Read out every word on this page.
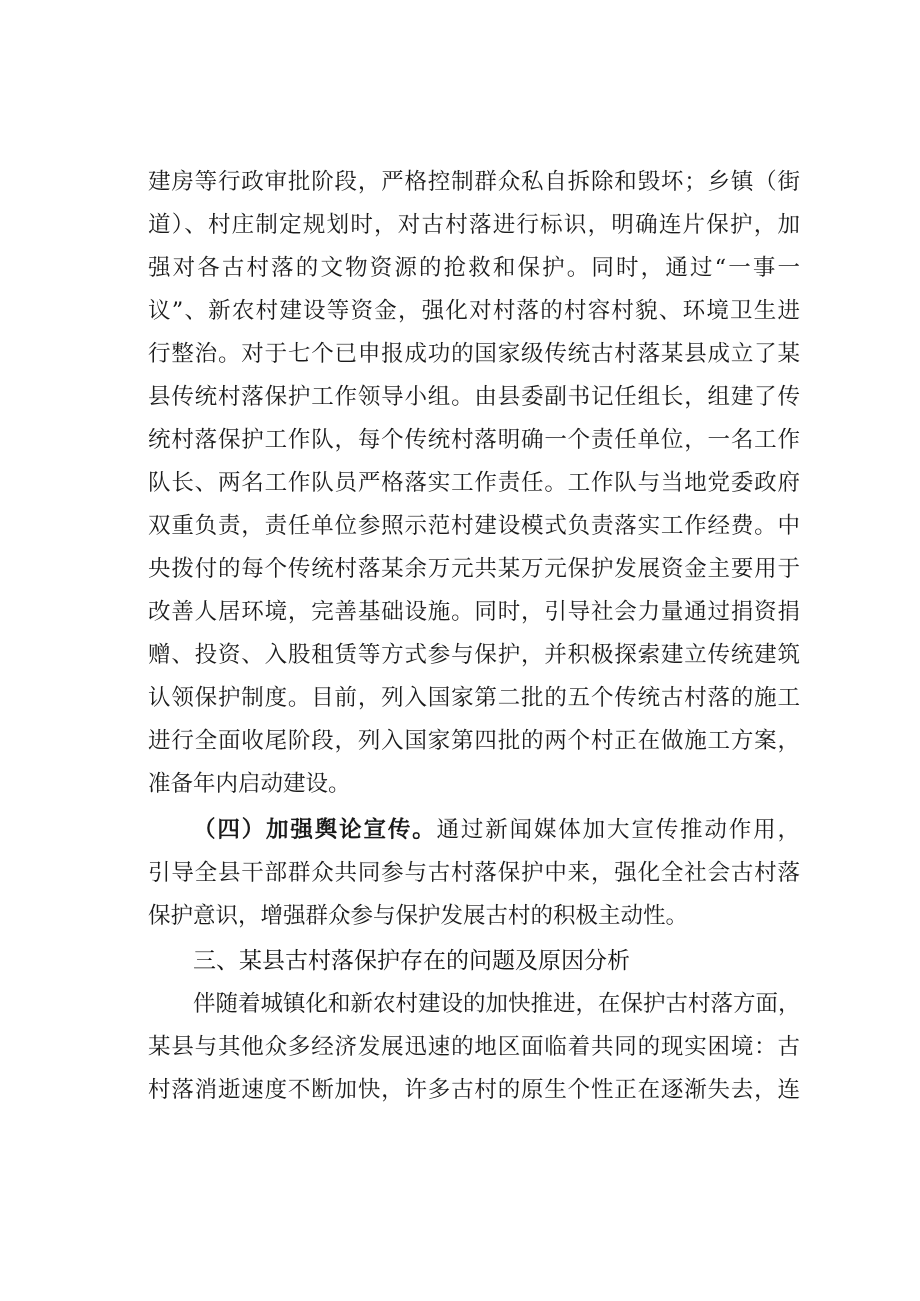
建房等行政审批阶段，严格控制群众私自拆除和毁坏；乡镇（街
道）、村庄制定规划时，对古村落进行标识，明确连片保护，加
强对各古村落的文物资源的抢救和保护。同时，通过“一事一
议”、新农村建设等资金，强化对村落的村容村貌、环境卫生进
行整治。对于七个已申报成功的国家级传统古村落某县成立了某
县传统村落保护工作领导小组。由县委副书记任组长，组建了传
统村落保护工作队，每个传统村落明确一个责任单位，一名工作
队长、两名工作队员严格落实工作责任。工作队与当地党委政府
双重负责，责任单位参照示范村建设模式负责落实工作经费。中
央拨付的每个传统村落某余万元共某万元保护发展资金主要用于
改善人居环境，完善基础设施。同时，引导社会力量通过捐资捐
赠、投资、入股租赁等方式参与保护，并积极探索建立传统建筑
认领保护制度。目前，列入国家第二批的五个传统古村落的施工
进行全面收尾阶段，列入国家第四批的两个村正在做施工方案，
准备年内启动建设。
（四）加强舆论宣传。通过新闻媒体加大宣传推动作用，
引导全县干部群众共同参与古村落保护中来，强化全社会古村落
保护意识，增强群众参与保护发展古村的积极主动性。
三、某县古村落保护存在的问题及原因分析
伴随着城镇化和新农村建设的加快推进，在保护古村落方面，
某县与其他众多经济发展迅速的地区面临着共同的现实困境：古
村落消逝速度不断加快，许多古村的原生个性正在逐渐失去，连
